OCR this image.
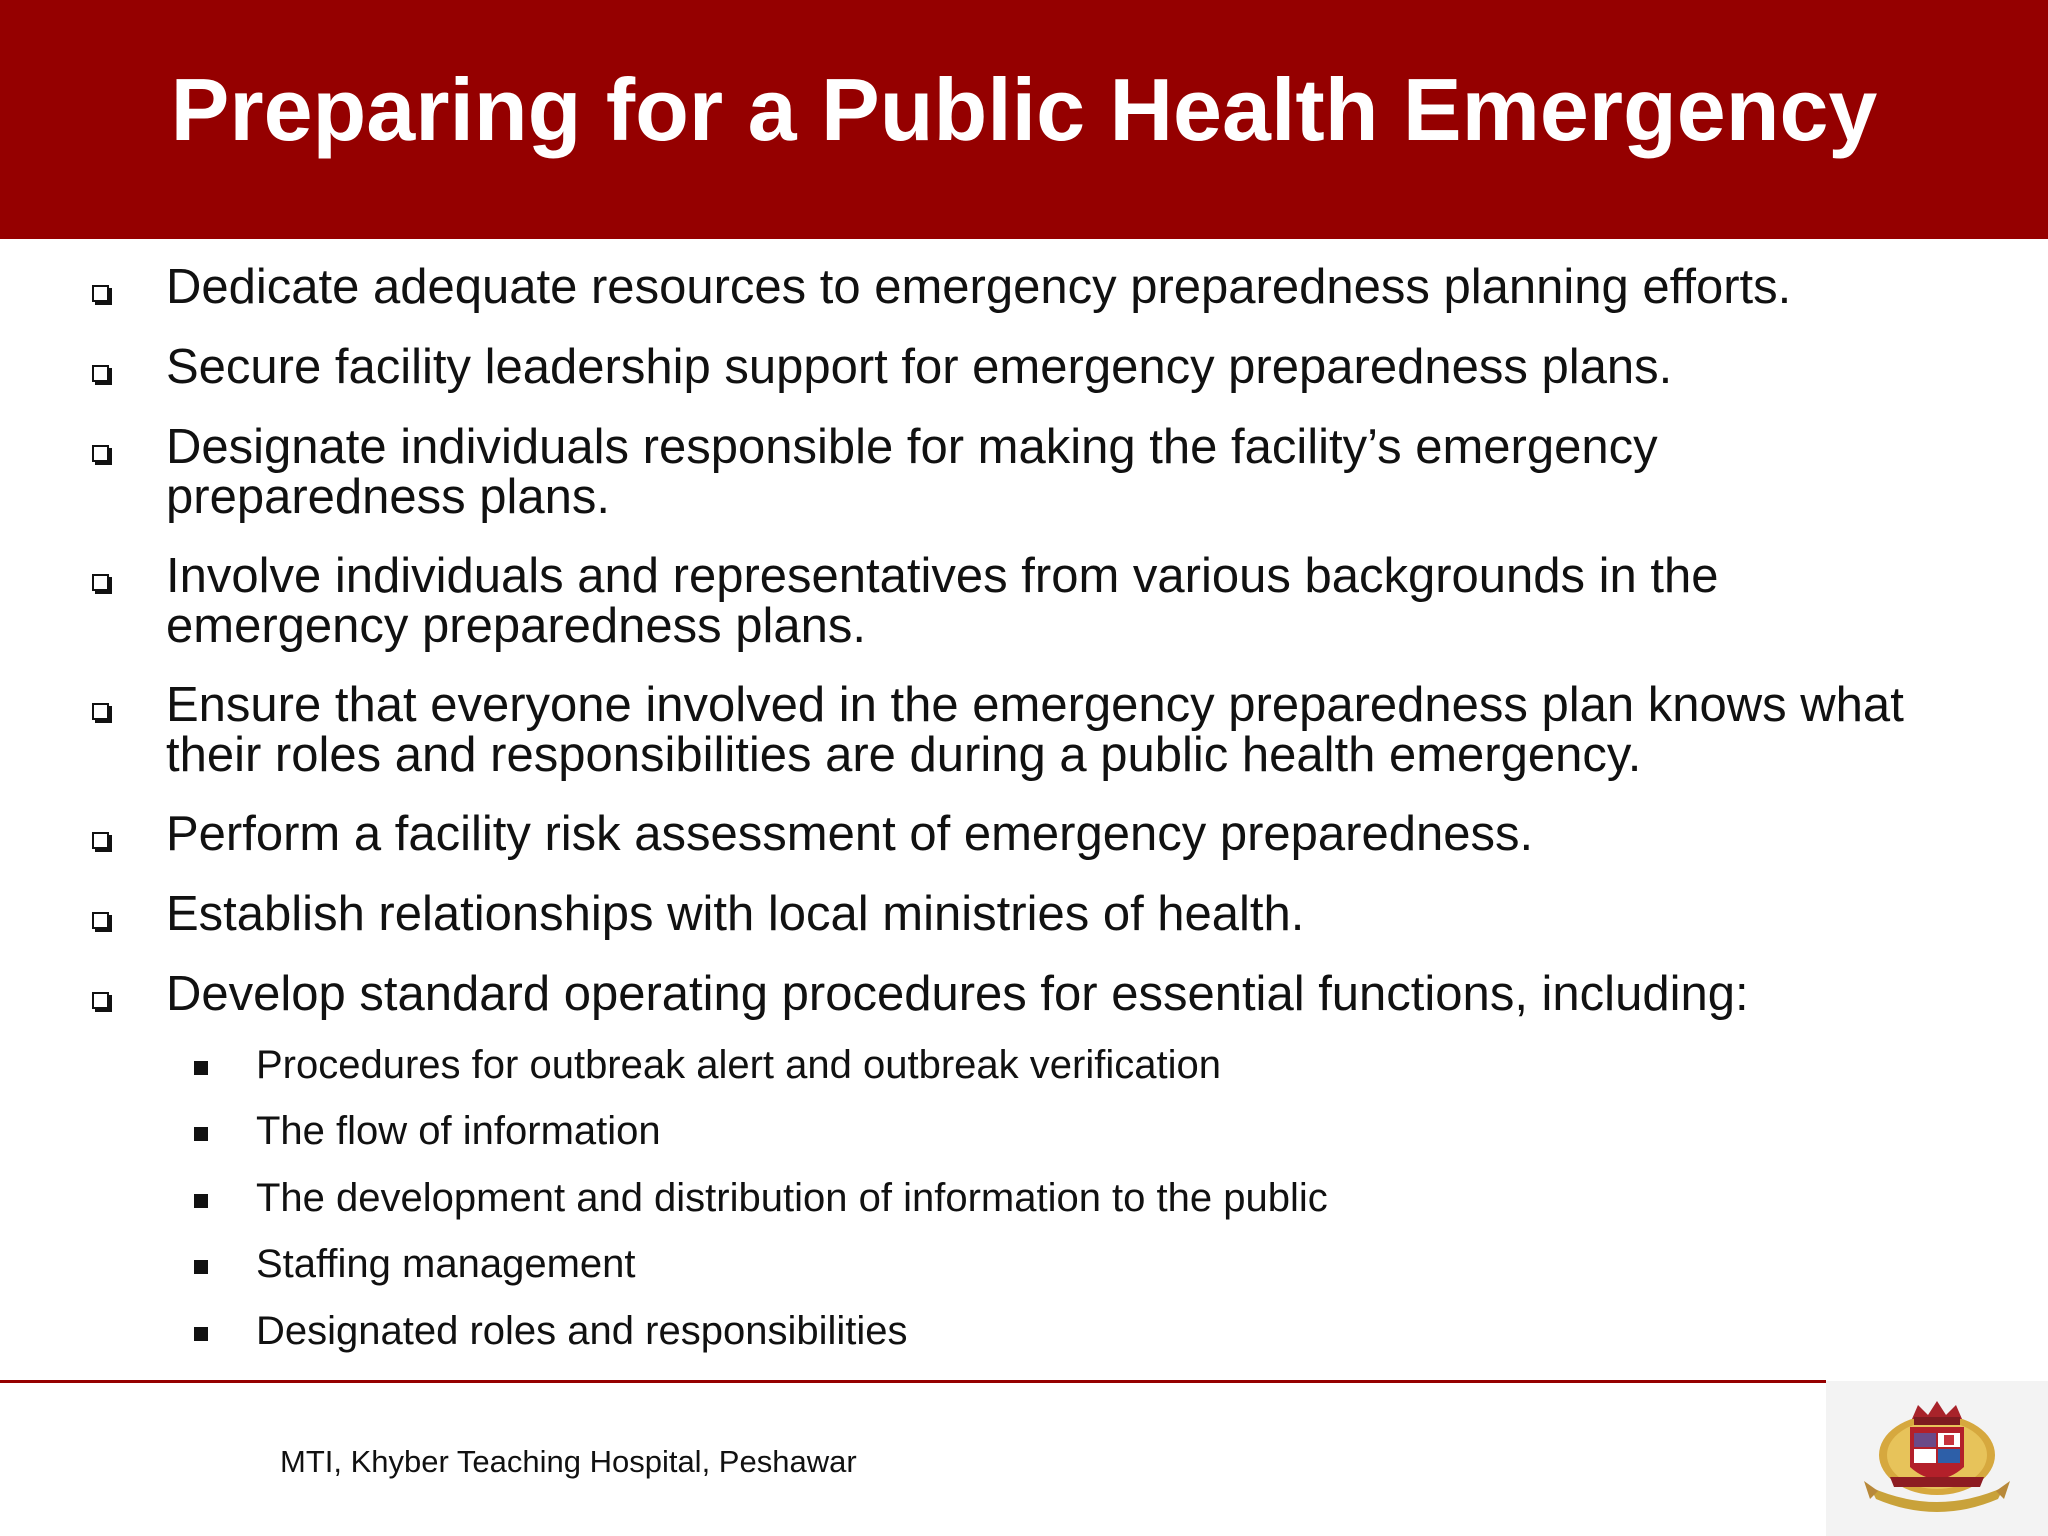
Preparing for a Public Health Emergency
Dedicate adequate resources to emergency preparedness planning efforts.
Secure facility leadership support for emergency preparedness plans.
Designate individuals responsible for making the facility’s emergency preparedness plans.
Involve individuals and representatives from various backgrounds in the emergency preparedness plans.
Ensure that everyone involved in the emergency preparedness plan knows what their roles and responsibilities are during a public health emergency.
Perform a facility risk assessment of emergency preparedness.
Establish relationships with local ministries of health.
Develop standard operating procedures for essential functions, including:
Procedures for outbreak alert and outbreak verification
The flow of information
The development and distribution of information to the public
Staffing management
Designated roles and responsibilities
MTI, Khyber Teaching Hospital, Peshawar
